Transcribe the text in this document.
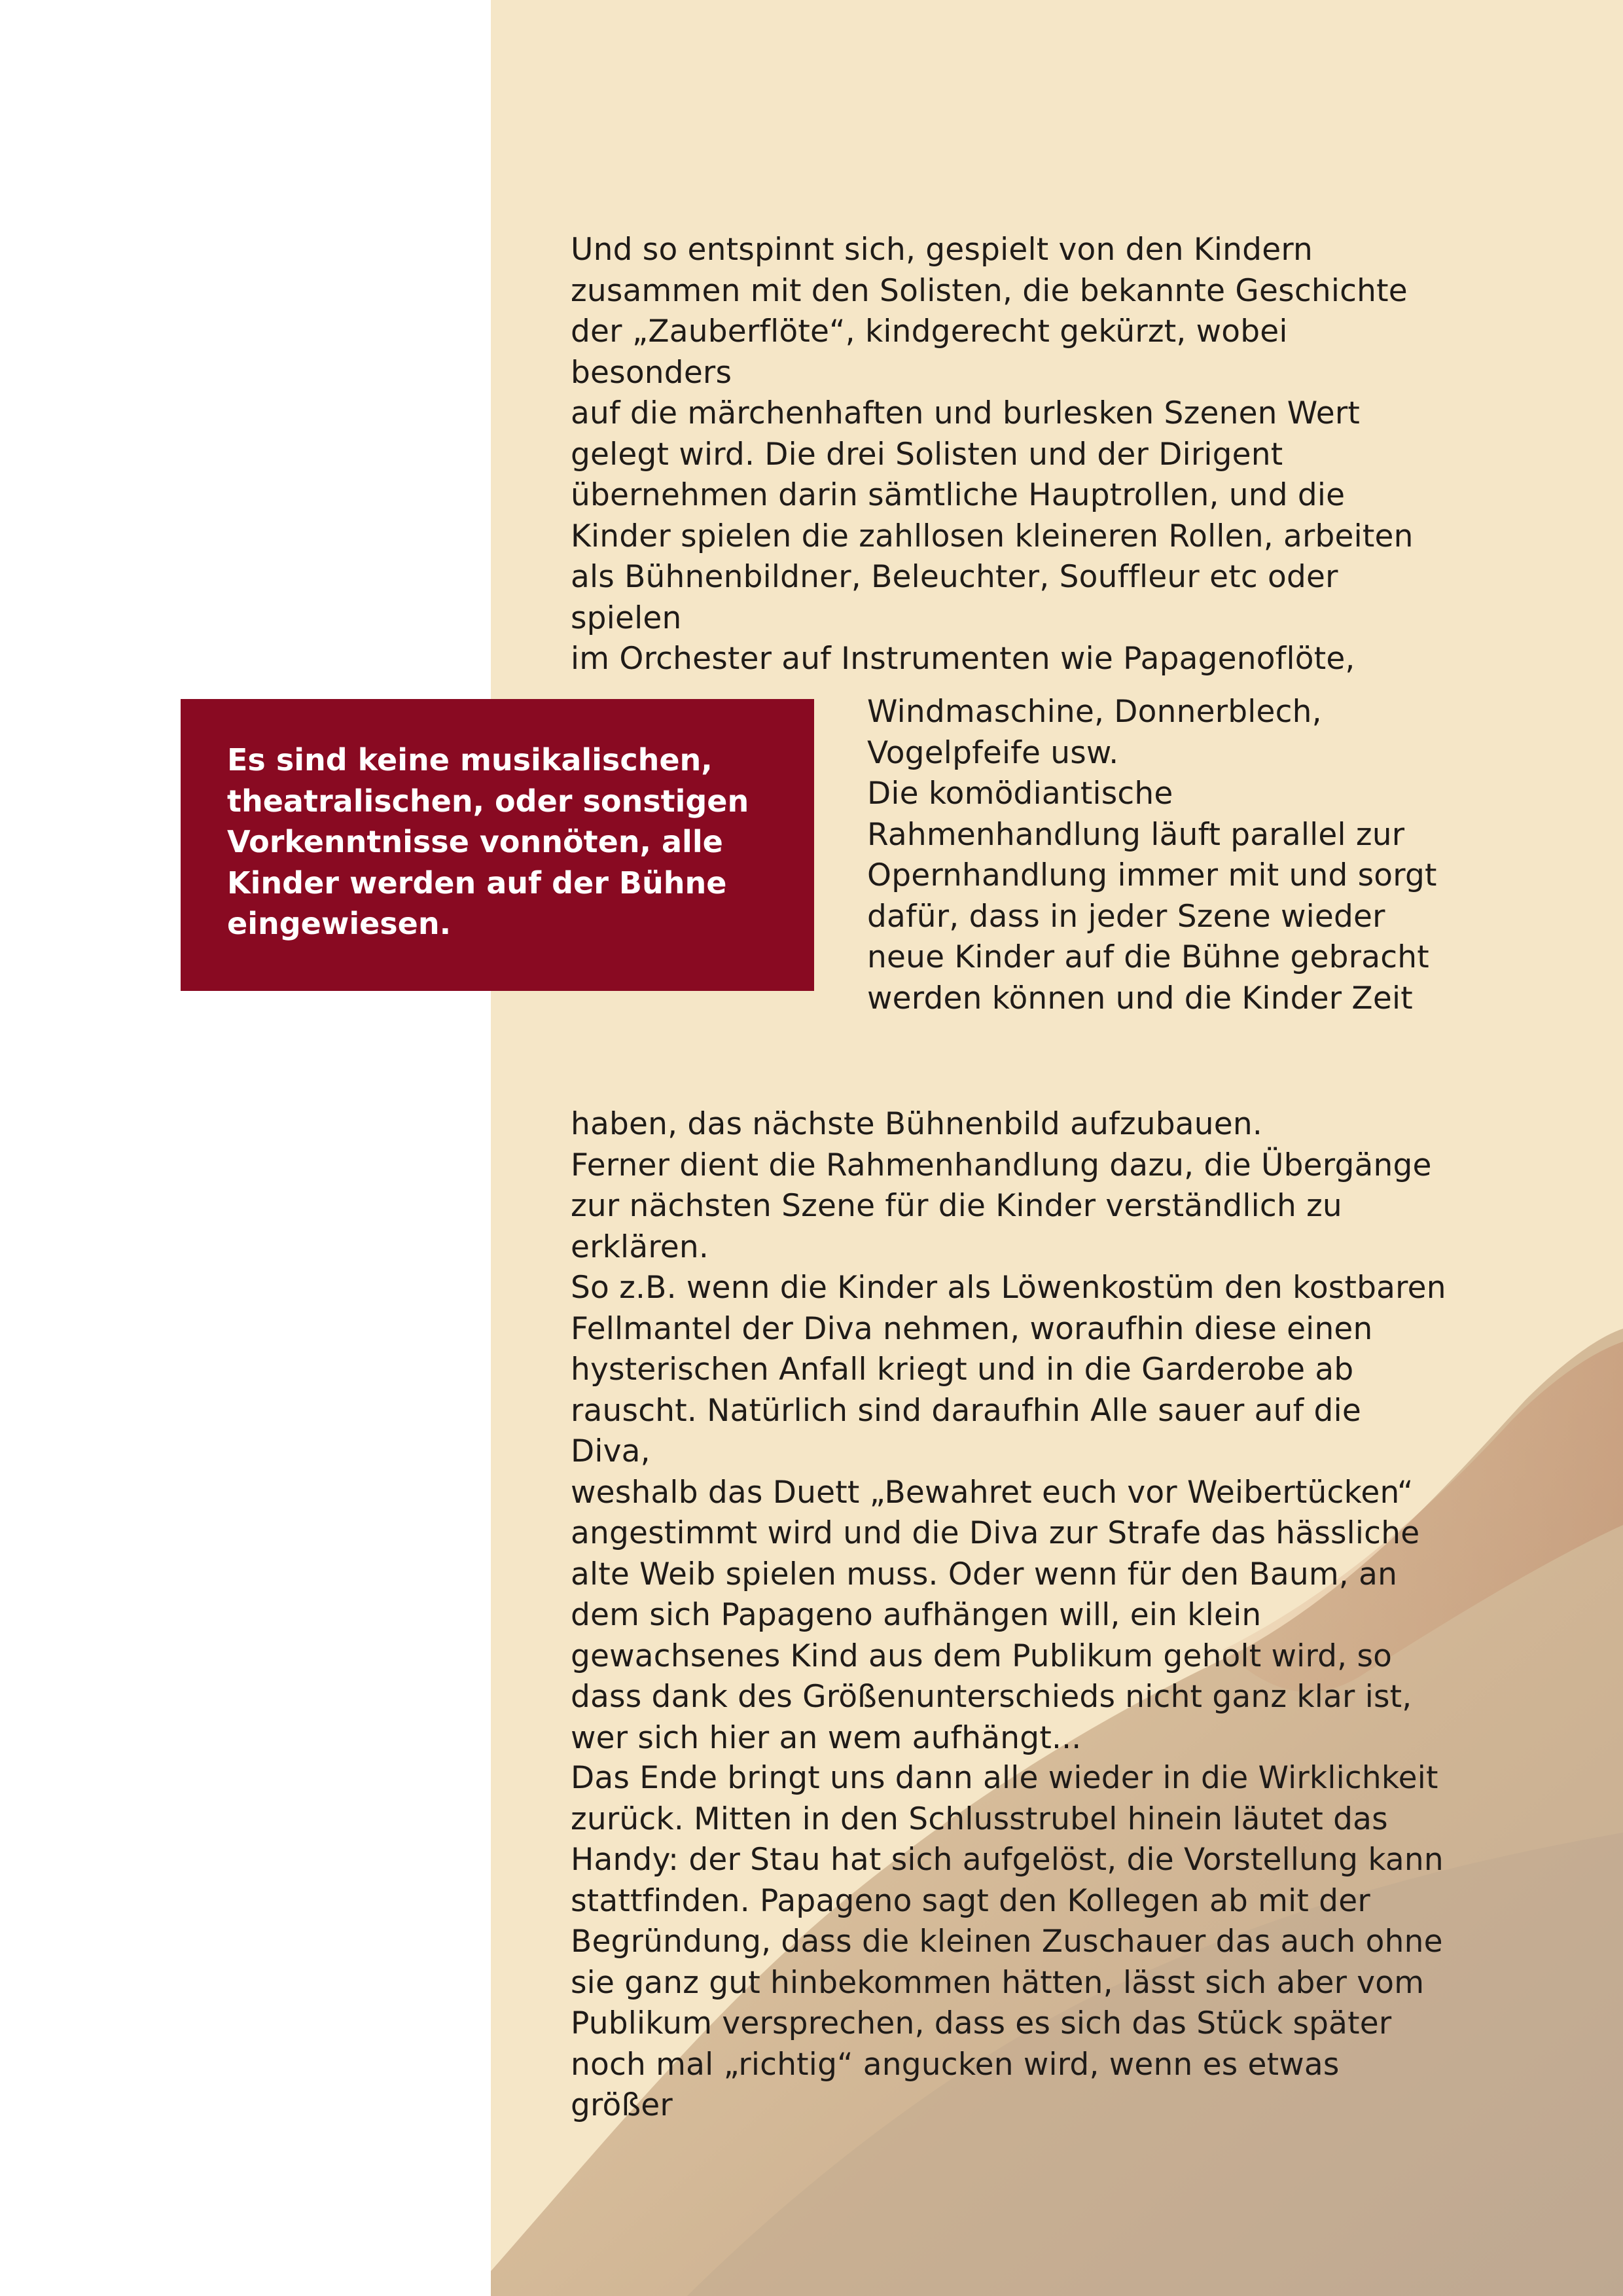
Und so entspinnt sich, gespielt von den Kindern
zusammen mit den Solisten, die bekannte Geschichte
der „Zauberflöte“, kindgerecht gekürzt, wobei besonders
auf die märchenhaften und burlesken Szenen Wert
gelegt wird. Die drei Solisten und der Dirigent
übernehmen darin sämtliche Hauptrollen, und die
Kinder spielen die zahllosen kleineren Rollen, arbeiten
als Bühnenbildner, Beleuchter, Souffleur etc oder spielen
im Orchester auf Instrumenten wie Papagenoflöte,

Es sind keine musikalischen,
theatralischen, oder sonstigen
Vorkenntnisse vonnöten, alle
Kinder werden auf der Bühne
eingewiesen.

Windmaschine, Donnerblech,
Vogelpfeife usw.
Die komödiantische
Rahmenhandlung läuft parallel zur
Opernhandlung immer mit und sorgt
dafür, dass in jeder Szene wieder
neue Kinder auf die Bühne gebracht
werden können und die Kinder Zeit

haben, das nächste Bühnenbild aufzubauen.
Ferner dient die Rahmenhandlung dazu, die Übergänge
zur nächsten Szene für die Kinder verständlich zu
erklären.
So z.B. wenn die Kinder als Löwenkostüm den kostbaren
Fellmantel der Diva nehmen, woraufhin diese einen
hysterischen Anfall kriegt und in die Garderobe ab
rauscht. Natürlich sind daraufhin Alle sauer auf die Diva,
weshalb das Duett „Bewahret euch vor Weibertücken“
angestimmt wird und die Diva zur Strafe das hässliche
alte Weib spielen muss. Oder wenn für den Baum, an
dem sich Papageno aufhängen will, ein klein
gewachsenes Kind aus dem Publikum geholt wird, so
dass dank des Größenunterschieds nicht ganz klar ist,
wer sich hier an wem aufhängt...

Das Ende bringt uns dann alle wieder in die Wirklichkeit
zurück. Mitten in den Schlusstrubel hinein läutet das
Handy: der Stau hat sich aufgelöst, die Vorstellung kann
stattfinden. Papageno sagt den Kollegen ab mit der
Begründung, dass die kleinen Zuschauer das auch ohne
sie ganz gut hinbekommen hätten, lässt sich aber vom
Publikum versprechen, dass es sich das Stück später
noch mal „richtig“ angucken wird, wenn es etwas größer
